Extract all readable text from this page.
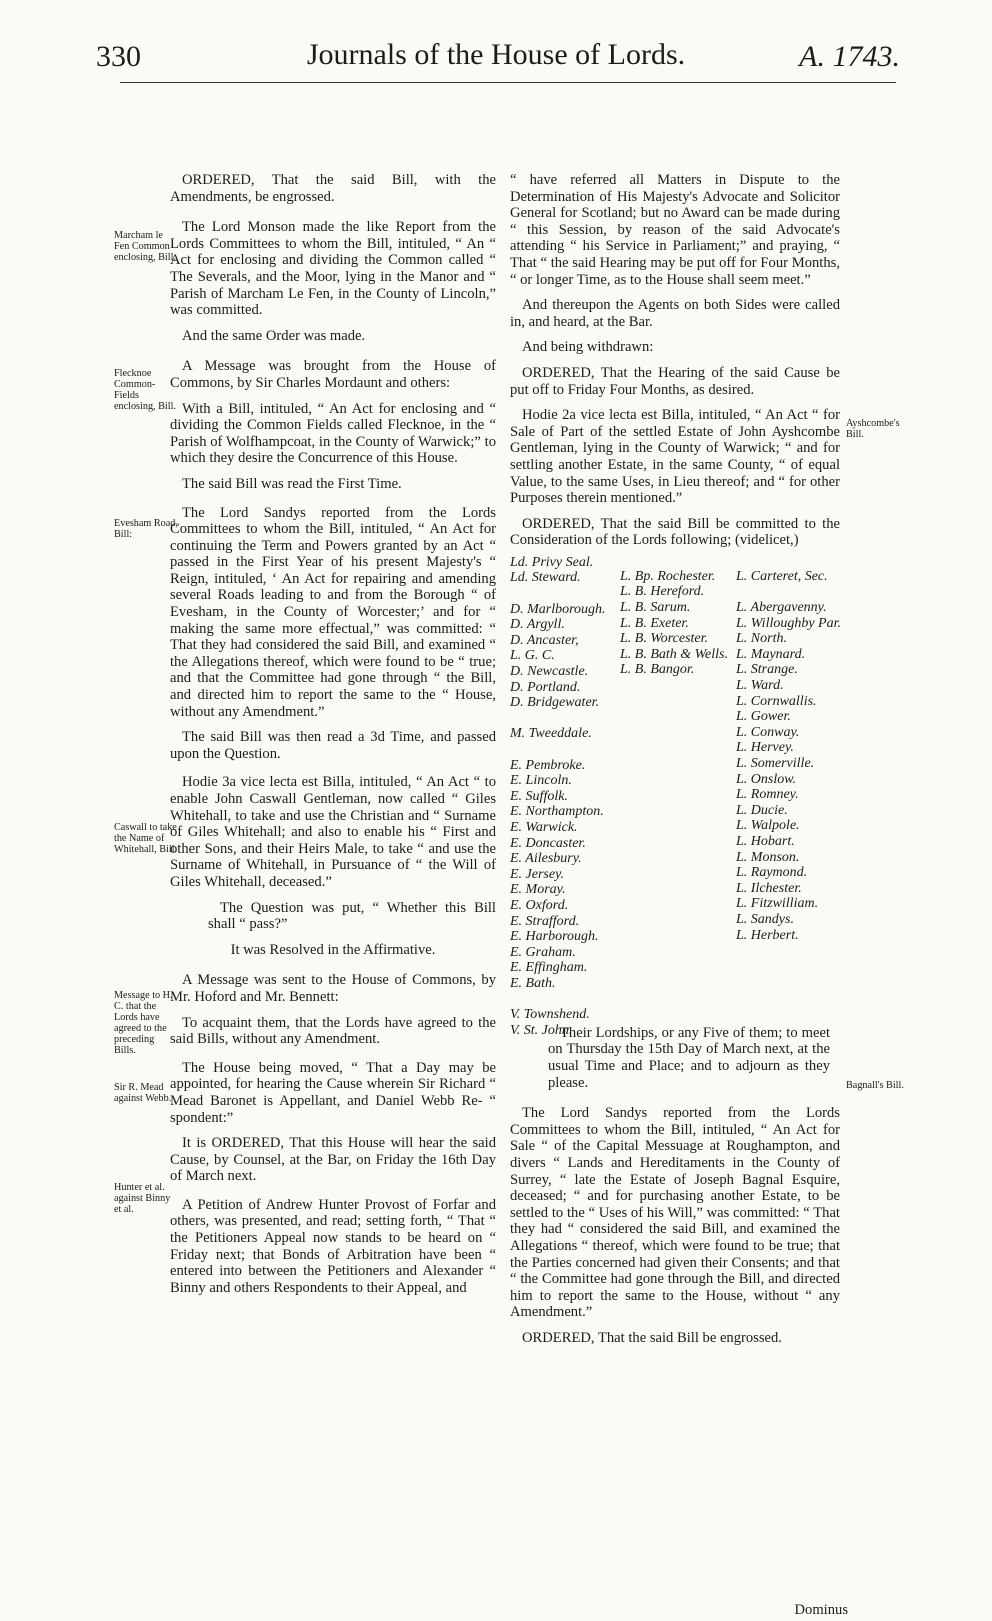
330	Journals of the House of Lords.	A. 1743.
Marcham le Fen Common enclosing, Bill.
Flecknoe Common-Fields enclosing, Bill.
Evesham Road, Bill:
Caswall to take the Name of Whitehall, Bill:
Message to H. C. that the Lords have agreed to the preceding Bills.
Sir R. Mead against Webb.
Hunter et al. against Binny et al.
Ayshcombe's Bill.
Bagnall's Bill.

ORDERED, That the said Bill, with the Amendments, be engrossed.

The Lord Monson made the like Report from the Lords Committees to whom the Bill, intituled, “ An “ Act for enclosing and dividing the Common called “ The Severals, and the Moor, lying in the Manor and “ Parish of Marcham Le Fen, in the County of Lincoln,” was committed.

And the same Order was made.

A Message was brought from the House of Commons, by Sir Charles Mordaunt and others:

With a Bill, intituled, “ An Act for enclosing and “ dividing the Common Fields called Flecknoe, in the “ Parish of Wolfhampcoat, in the County of Warwick;” to which they desire the Concurrence of this House.

The said Bill was read the First Time.

The Lord Sandys reported from the Lords Committees to whom the Bill, intituled, “ An Act for continuing the Term and Powers granted by an Act “ passed in the First Year of his present Majesty's “ Reign, intituled, ‘ An Act for repairing and amending several Roads leading to and from the Borough “ of Evesham, in the County of Worcester;’ and for “ making the same more effectual,” was committed: “ That they had considered the said Bill, and examined “ the Allegations thereof, which were found to be “ true; and that the Committee had gone through “ the Bill, and directed him to report the same to the “ House, without any Amendment.”

The said Bill was then read a 3d Time, and passed upon the Question.

Hodie 3a vice lecta est Billa, intituled, “ An Act “ to enable John Caswall Gentleman, now called “ Giles Whitehall, to take and use the Christian and “ Surname of Giles Whitehall; and also to enable his “ First and other Sons, and their Heirs Male, to take “ and use the Surname of Whitehall, in Pursuance of “ the Will of Giles Whitehall, deceased.”

The Question was put, “ Whether this Bill shall “ pass?”

It was Resolved in the Affirmative.

A Message was sent to the House of Commons, by Mr. Hoford and Mr. Bennett:

To acquaint them, that the Lords have agreed to the said Bills, without any Amendment.

The House being moved, “ That a Day may be appointed, for hearing the Cause wherein Sir Richard “ Mead Baronet is Appellant, and Daniel Webb Re- “ spondent:”

It is ORDERED, That this House will hear the said Cause, by Counsel, at the Bar, on Friday the 16th Day of March next.

A Petition of Andrew Hunter Provost of Forfar and others, was presented, and read; setting forth, “ That “ the Petitioners Appeal now stands to be heard on “ Friday next; that Bonds of Arbitration have been “ entered into between the Petitioners and Alexander “ Binny and others Respondents to their Appeal, and

“ have referred all Matters in Dispute to the Determination of His Majesty's Advocate and Solicitor General for Scotland; but no Award can be made during “ this Session, by reason of the said Advocate's attending “ his Service in Parliament;” and praying, “ That “ the said Hearing may be put off for Four Months, “ or longer Time, as to the House shall seem meet.”

And thereupon the Agents on both Sides were called in, and heard, at the Bar.

And being withdrawn:

ORDERED, That the Hearing of the said Cause be put off to Friday Four Months, as desired.

Hodie 2a vice lecta est Billa, intituled, “ An Act “ for Sale of Part of the settled Estate of John Ayshcombe Gentleman, lying in the County of Warwick; “ and for settling another Estate, in the same County, “ of equal Value, to the same Uses, in Lieu thereof; and “ for other Purposes therein mentioned.”

ORDERED, That the said Bill be committed to the Consideration of the Lords following; (videlicet,)

Ld. Privy Seal.
Ld. Steward.
D. Marlborough.
D. Argyll.
D. Ancaster,
L. G. C.
D. Newcastle.
D. Portland.
D. Bridgewater.
M. Tweeddale.
E. Pembroke.
E. Lincoln.
E. Suffolk.
E. Northampton.
E. Warwick.
E. Doncaster.
E. Ailesbury.
E. Jersey.
E. Moray.
E. Oxford.
E. Strafford.
E. Harborough.
E. Graham.
E. Effingham.
E. Bath.
V. Townshend.
V. St. John.
L. Bp. Rochester.
L. B. Hereford.
L. B. Sarum.
L. B. Exeter.
L. B. Worcester.
L. B. Bath & Wells.
L. B. Bangor.
L. Carteret, Sec.
L. Abergavenny.
L. Willoughby Par.
L. North.
L. Maynard.
L. Strange.
L. Ward.
L. Cornwallis.
L. Gower.
L. Conway.
L. Hervey.
L. Somerville.
L. Onslow.
L. Romney.
L. Ducie.
L. Walpole.
L. Hobart.
L. Monson.
L. Raymond.
L. Ilchester.
L. Fitzwilliam.
L. Sandys.
L. Herbert.

Their Lordships, or any Five of them; to meet on Thursday the 15th Day of March next, at the usual Time and Place; and to adjourn as they please.

The Lord Sandys reported from the Lords Committees to whom the Bill, intituled, “ An Act for Sale “ of the Capital Messuage at Roughampton, and divers “ Lands and Hereditaments in the County of Surrey, “ late the Estate of Joseph Bagnal Esquire, deceased; “ and for purchasing another Estate, to be settled to the “ Uses of his Will,” was committed: “ That they had “ considered the said Bill, and examined the Allegations “ thereof, which were found to be true; that the Parties concerned had given their Consents; and that “ the Committee had gone through the Bill, and directed him to report the same to the House, without “ any Amendment.”

ORDERED, That the said Bill be engrossed.

Dominus
